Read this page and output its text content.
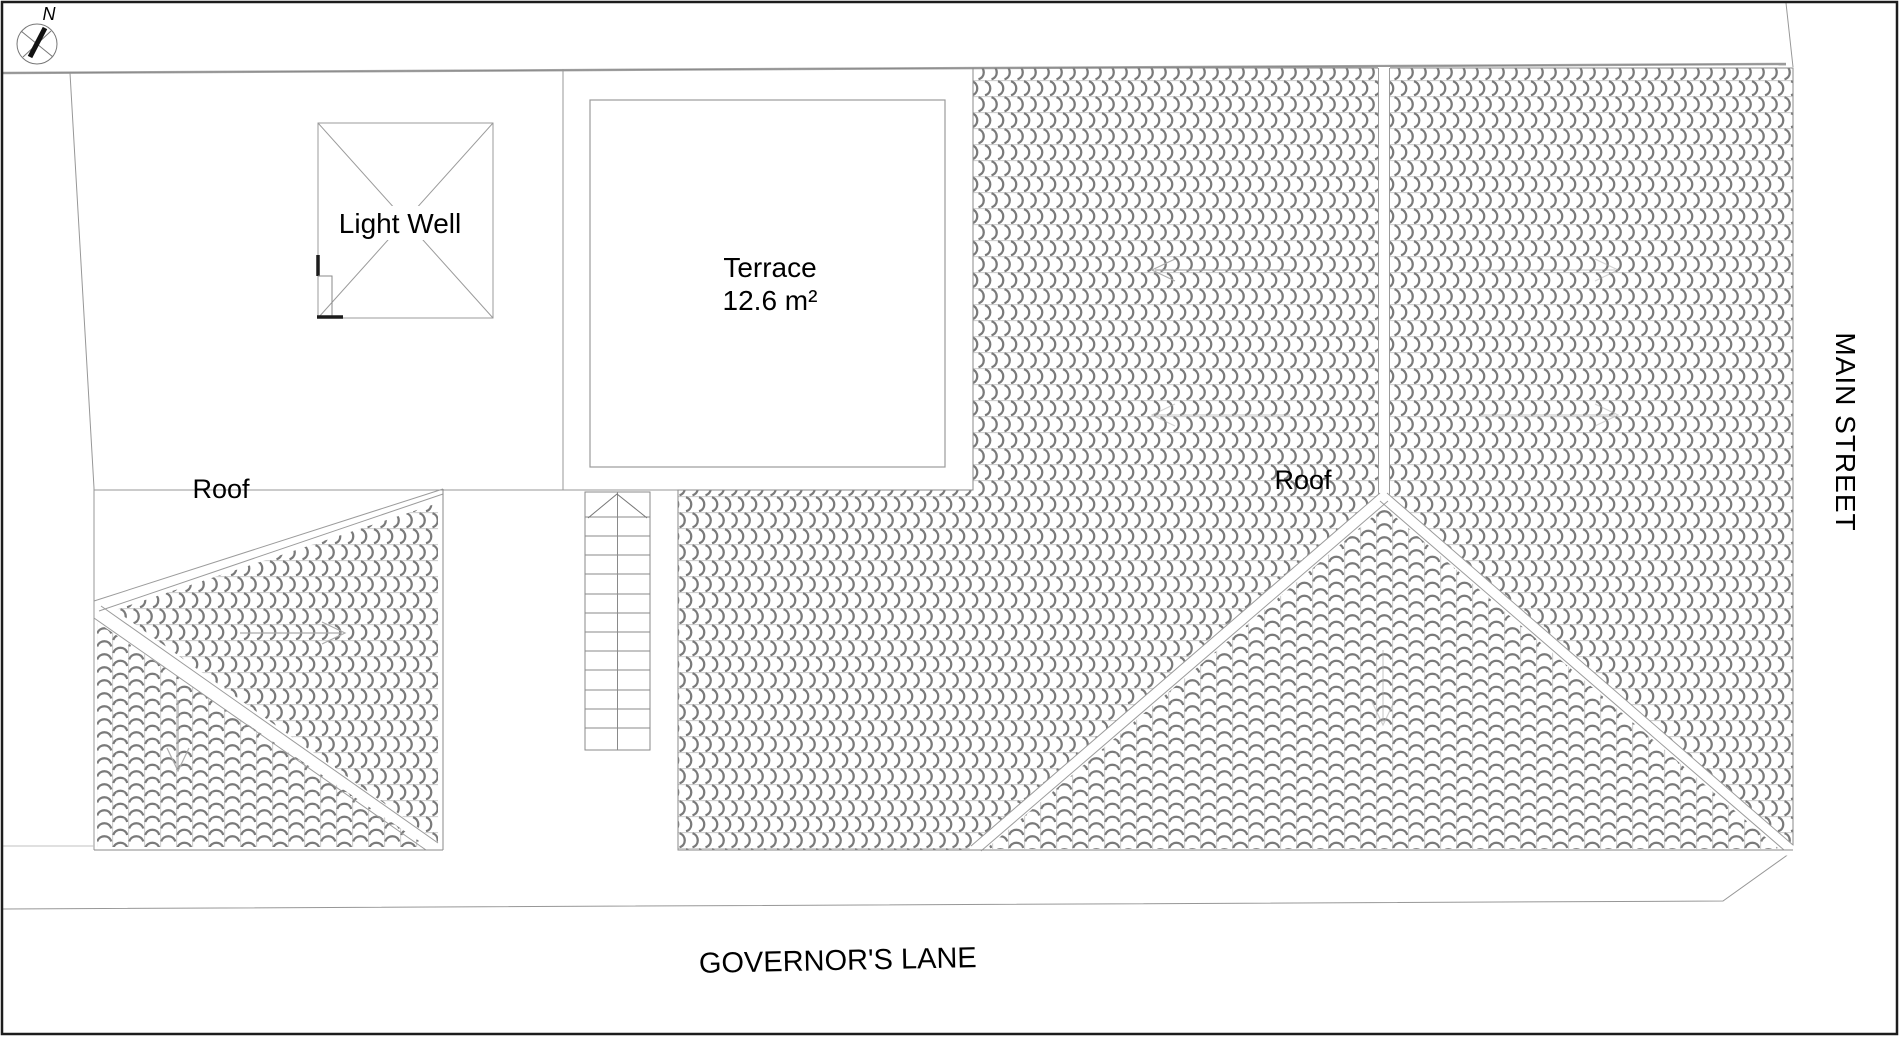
N
Light Well
Terrace
12.6 m²
Roof	Roof	MAIN STREET
GOVERNOR'S LANE
